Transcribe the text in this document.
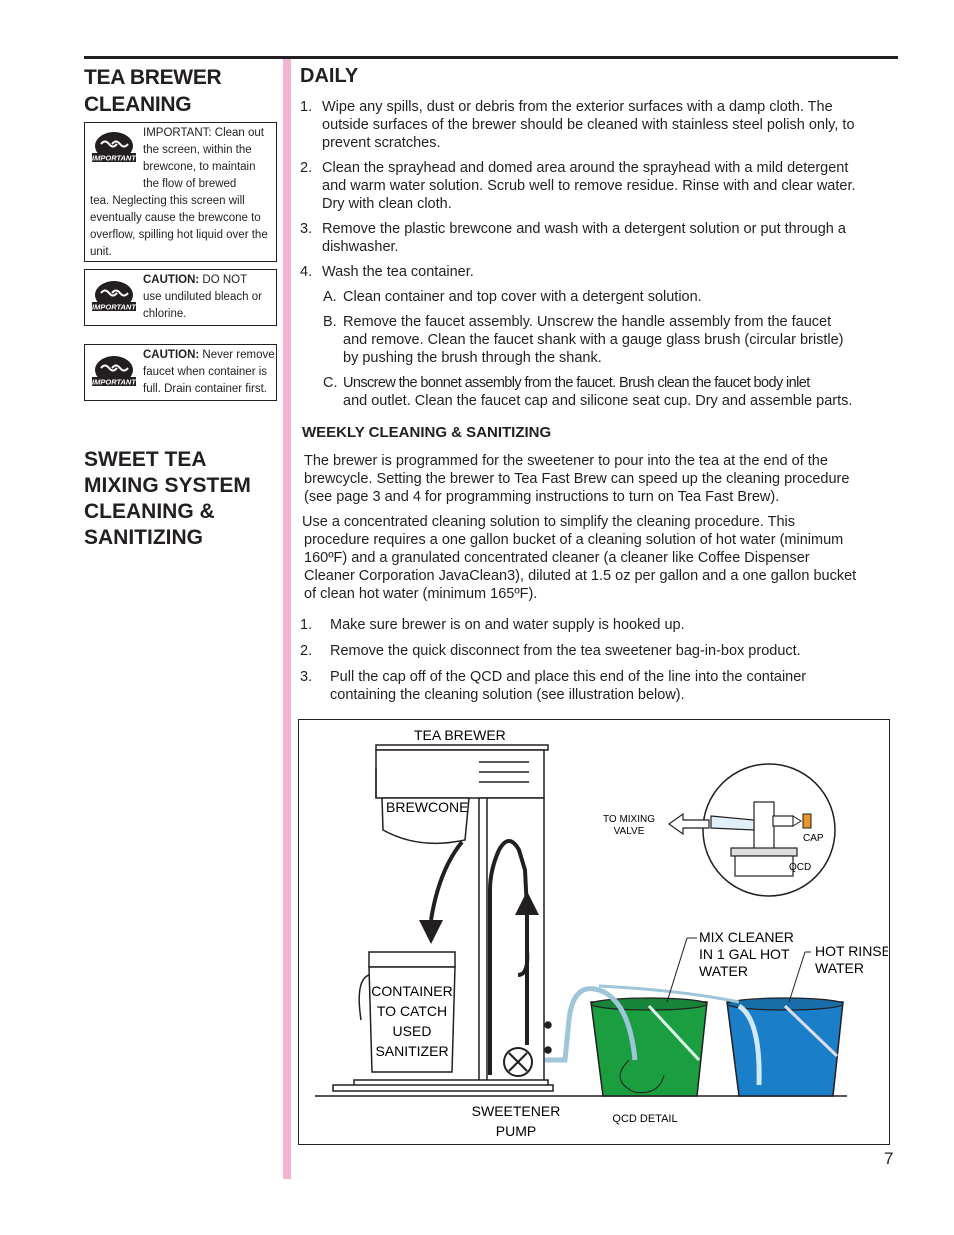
TEA BREWER
CLEANING

IMPORTANT

IMPORTANT: Clean out
the screen, within the
brewcone, to maintain
the flow of brewed

tea. Neglecting this screen will
eventually cause the brewcone to
overflow, spilling hot liquid over the
unit.

IMPORTANT

CAUTION: DO NOT
use undiluted bleach or
chlorine.

IMPORTANT

CAUTION: Never remove
faucet when container is
full. Drain container first.

SWEET TEA
MIXING SYSTEM
CLEANING &
SANITIZING

DAILY

1. Wipe any spills, dust or debris from the exterior surfaces with a damp cloth. The
outside surfaces of the brewer should be cleaned with stainless steel polish only, to
prevent scratches.
2. Clean the sprayhead and domed area around the sprayhead with a mild detergent
and warm water solution. Scrub well to remove residue. Rinse with and clear water.
Dry with clean cloth.
3. Remove the plastic brewcone and wash with a detergent solution or put through a
dishwasher.
4. Wash the tea container.
A. Clean container and top cover with a detergent solution.
B. Remove the faucet assembly. Unscrew the handle assembly from the faucet
and remove. Clean the faucet shank with a gauge glass brush (circular bristle)
by pushing the brush through the shank.
C. Unscrew the bonnet assembly from the faucet. Brush clean the faucet body inlet
and outlet. Clean the faucet cap and silicone seat cup. Dry and assemble parts.

WEEKLY CLEANING & SANITIZING

The brewer is programmed for the sweetener to pour into the tea at the end of the
brewcycle. Setting the brewer to Tea Fast Brew can speed up the cleaning procedure
(see page 3 and 4 for programming instructions to turn on Tea Fast Brew).
Use a concentrated cleaning solution to simplify the cleaning procedure. This
procedure requires a one gallon bucket of a cleaning solution of hot water (minimum
160ºF) and a granulated concentrated cleaner (a cleaner like Coffee Dispenser
Cleaner Corporation JavaClean3), diluted at 1.5 oz per gallon and a one gallon bucket
of clean hot water (minimum 165ºF).
1. Make sure brewer is on and water supply is hooked up.
2. Remove the quick disconnect from the tea sweetener bag-in-box product.
3. Pull the cap off of the QCD and place this end of the line into the container
containing the cleaning solution (see illustration below).
TEA BREWER
BREWCONE
CONTAINER
TO CATCH
USED
SANITIZER
TO MIXING
VALVE
CAP
QCD
MIX CLEANER
IN 1 GAL HOT
WATER
HOT RINSE
WATER
SWEETENER
PUMP
QCD DETAIL
7
